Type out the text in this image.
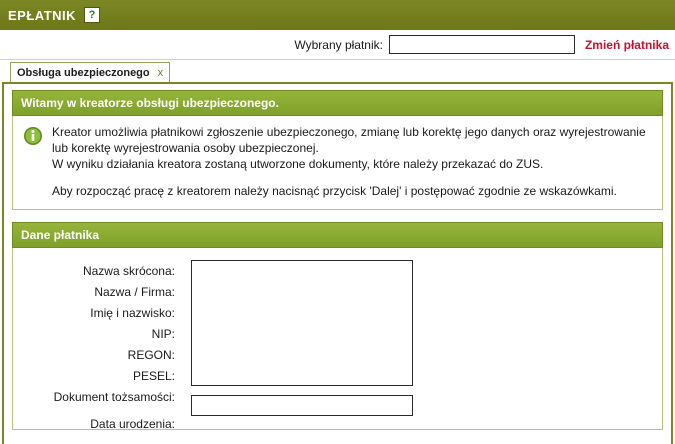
EPŁATNIK	?
Wybrany płatnik:	Zmień płatnika
Obsługa ubezpieczonego x
Witamy w kreatorze obsługi ubezpieczonego.

Kreator umożliwia płatnikowi zgłoszenie ubezpieczonego, zmianę lub korektę jego danych oraz wyrejestrowanie lub korektę wyrejestrowania osoby ubezpieczonej.

W wyniku działania kreatora zostaną utworzone dokumenty, które należy przekazać do ZUS.

Aby rozpocząć pracę z kreatorem należy nacisnąć przycisk 'Dalej' i postępować zgodnie ze wskazówkami.

Dane płatnika
Nazwa skrócona:
Nazwa / Firma:
Imię i nazwisko:
NIP:
REGON:
PESEL:
Dokument tożsamości:
Data urodzenia:
